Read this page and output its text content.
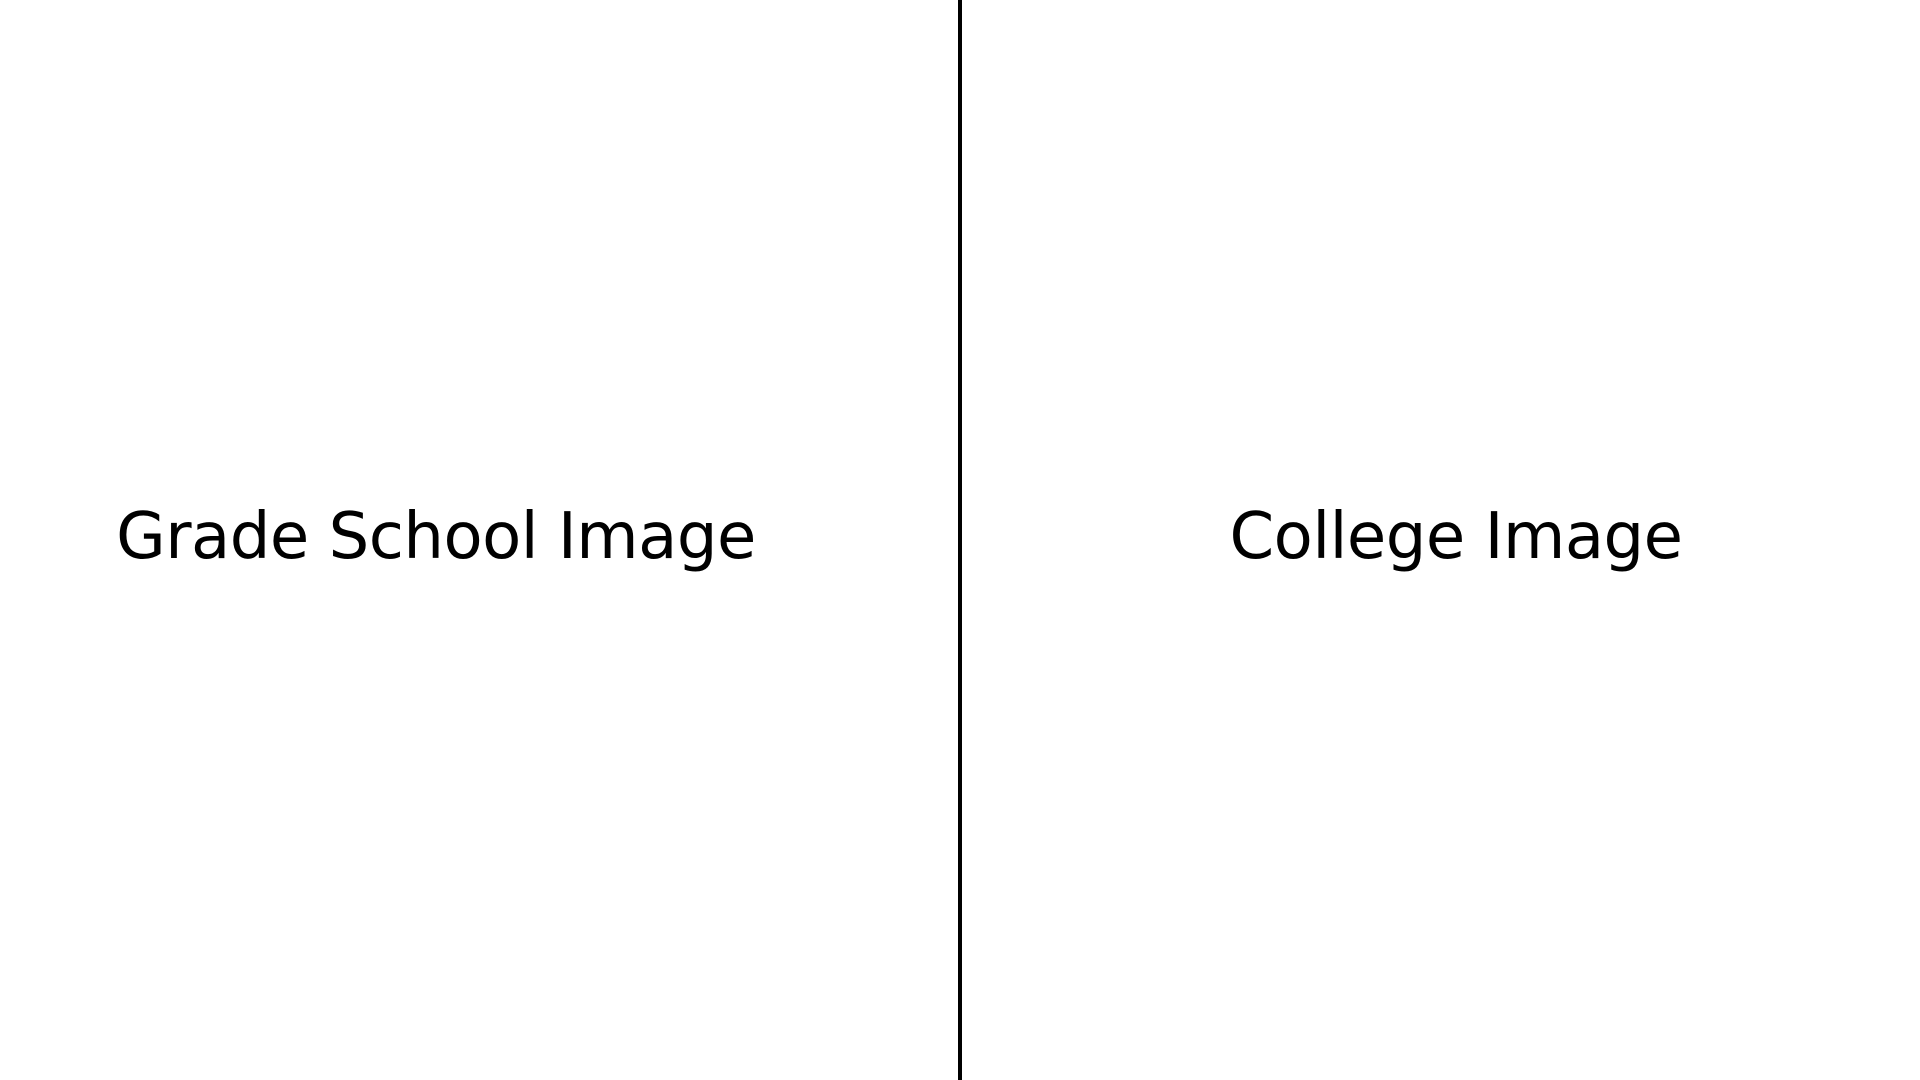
Grade School Image	College Image
